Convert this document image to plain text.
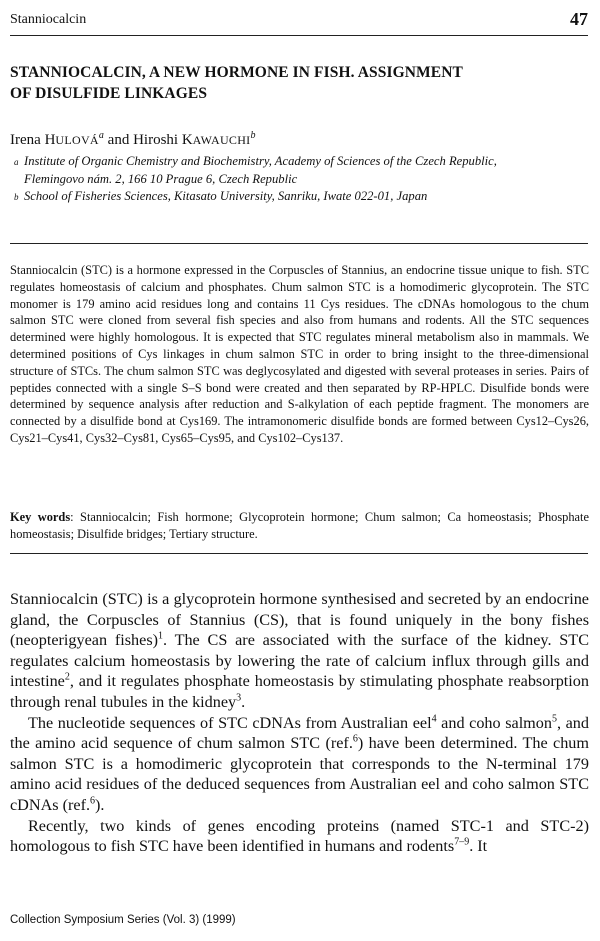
Stanniocalcin	47
STANNIOCALCIN, A NEW HORMONE IN FISH. ASSIGNMENT
OF DISULFIDE LINKAGES
Irena HULOVÁ$^a$ and Hiroshi KAWAUCHI$^b$
a Institute of Organic Chemistry and Biochemistry, Academy of Sciences of the Czech Republic,
Flemingovo nám. 2, 166 10 Prague 6, Czech Republic
b School of Fisheries Sciences, Kitasato University, Sanriku, Iwate 022-01, Japan

Stanniocalcin (STC) is a hormone expressed in the Corpuscles of Stannius, an endocrine tissue unique to fish. STC regulates homeostasis of calcium and phosphates. Chum salmon STC is a homodimeric glycoprotein. The STC monomer is 179 amino acid residues long and contains 11 Cys residues. The cDNAs homologous to the chum salmon STC were cloned from several fish species and also from humans and rodents. All the STC sequences determined were highly homologous. It is expected that STC regulates mineral metabolism also in mammals. We determined positions of Cys linkages in chum salmon STC in order to bring insight to the three-dimensional structure of STCs. The chum salmon STC was deglycosylated and digested with several proteases in series. Pairs of peptides connected with a single S–S bond were created and then separated by RP-HPLC. Disulfide bonds were determined by sequence analysis after reduction and S-alkylation of each peptide fragment. The monomers are connected by a disulfide bond at Cys169. The intramonomeric disulfide bonds are formed between Cys12–Cys26, Cys21–Cys41, Cys32–Cys81, Cys65–Cys95, and Cys102–Cys137.

Key words: Stanniocalcin; Fish hormone; Glycoprotein hormone; Chum salmon; Ca homeostasis; Phosphate homeostasis; Disulfide bridges; Tertiary structure.

Stanniocalcin (STC) is a glycoprotein hormone synthesised and secreted by an endocrine gland, the Corpuscles of Stannius (CS), that is found uniquely in the bony fishes (neopterigyean fishes)$^1$. The CS are associated with the surface of the kidney. STC regulates calcium homeostasis by lowering the rate of calcium influx through gills and intestine$^2$, and it regulates phosphate homeostasis by stimulating phosphate reabsorption through renal tubules in the kidney$^3$.

The nucleotide sequences of STC cDNAs from Australian eel$^4$ and coho salmon$^5$, and the amino acid sequence of chum salmon STC (ref.$^6$) have been determined. The chum salmon STC is a homodimeric glycoprotein that corresponds to the N-terminal 179 amino acid residues of the deduced sequences from Australian eel and coho salmon STC cDNAs (ref.$^6$).

Recently, two kinds of genes encoding proteins (named STC-1 and STC-2) homologous to fish STC have been identified in humans and rodents$^{7-9}$. It

Collection Symposium Series (Vol. 3) (1999)
